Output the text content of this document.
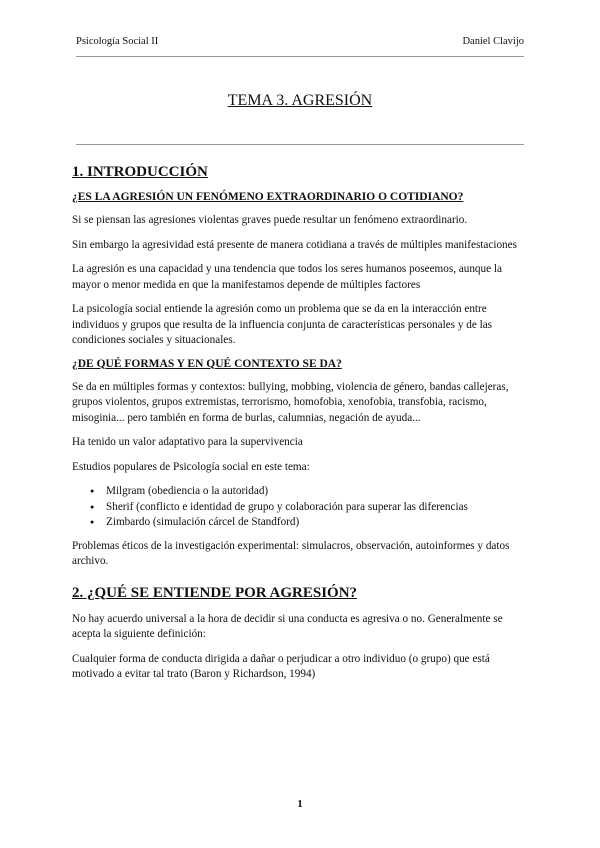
Psicología Social II	Daniel Clavijo
TEMA 3. AGRESIÓN
1. INTRODUCCIÓN
¿ES LA AGRESIÓN UN FENÓMENO EXTRAORDINARIO O COTIDIANO?

Si se piensan las agresiones violentas graves puede resultar un fenómeno extraordinario.

Sin embargo la agresividad está presente de manera cotidiana a través de múltiples manifestaciones

La agresión es una capacidad y una tendencia que todos los seres humanos poseemos, aunque la mayor o menor medida en que la manifestamos depende de múltiples factores

La psicología social entiende la agresión como un problema que se da en la interacción entre individuos y grupos que resulta de la influencia conjunta de características personales y de las condiciones sociales y situacionales.

¿DE QUÉ FORMAS Y EN QUÉ CONTEXTO SE DA?

Se da en múltiples formas y contextos: bullying, mobbing, violencia de género, bandas callejeras, grupos violentos, grupos extremistas, terrorismo, homofobia, xenofobia, transfobia, racismo, misoginia... pero también en forma de burlas, calumnias, negación de ayuda...

Ha tenido un valor adaptativo para la supervivencia

Estudios populares de Psicología social en este tema:

● Milgram (obediencia o la autoridad)
● Sherif (conflicto e identidad de grupo y colaboración para superar las diferencias
● Zimbardo (simulación cárcel de Standford)

Problemas éticos de la investigación experimental: simulacros, observación, autoinformes y datos archivo.

2. ¿QUÉ SE ENTIENDE POR AGRESIÓN?

No hay acuerdo universal a la hora de decidir si una conducta es agresiva o no. Generalmente se acepta la siguiente definición:

Cualquier forma de conducta dirigida a dañar o perjudicar a otro individuo (o grupo) que está motivado a evitar tal trato (Baron y Richardson, 1994)

1
